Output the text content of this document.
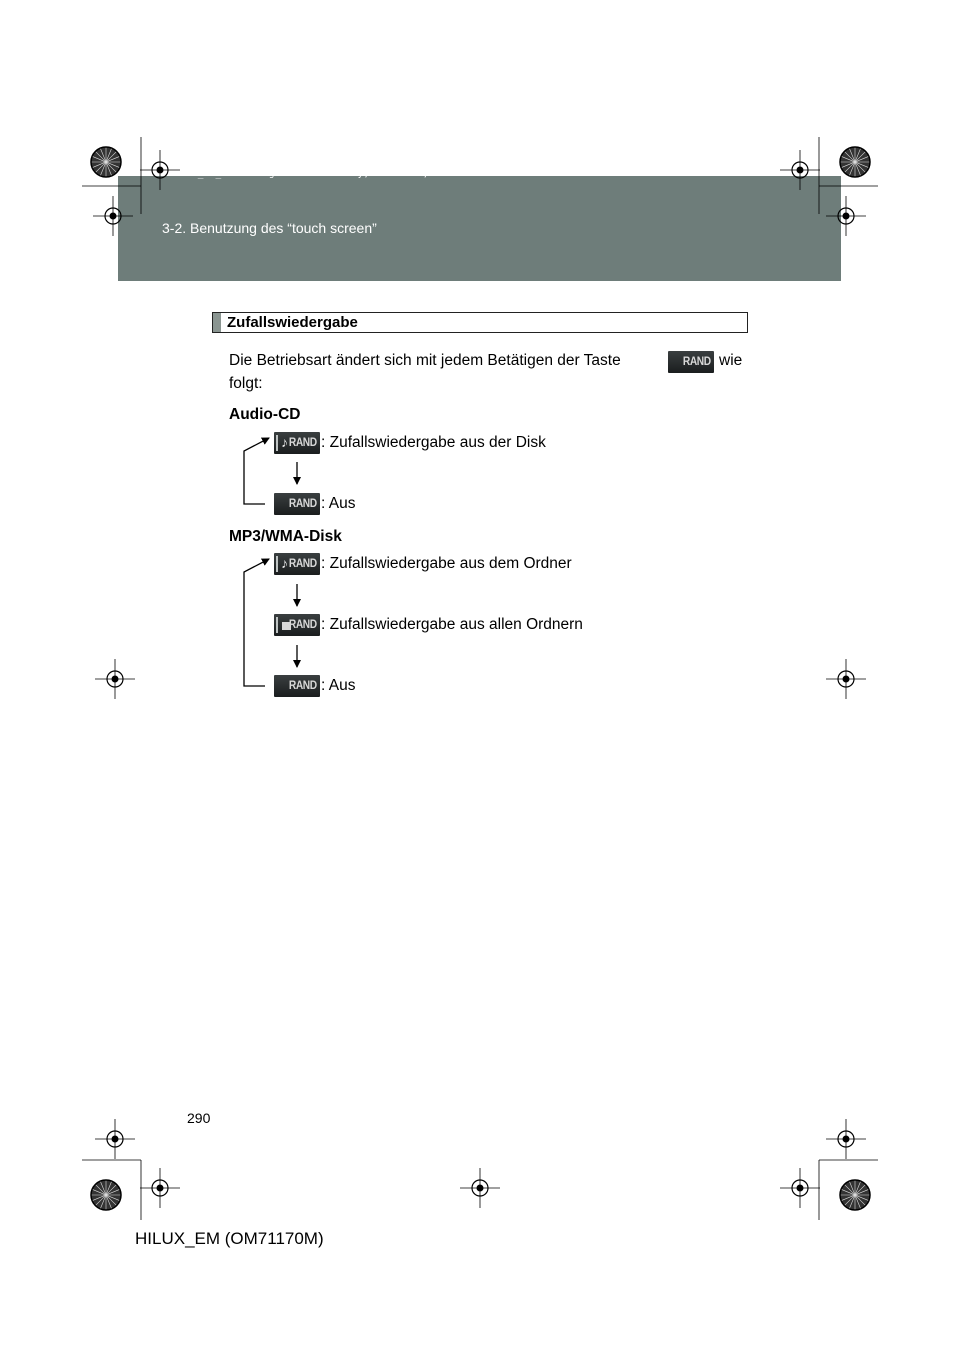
sec_03_02.fm Page 290 Wednesday, March 30, 2011 6:43 PM
3-2. Benutzung des “touch screen”
Zufallswiedergabe
Die Betriebsart ändert sich mit jedem Betätigen der Taste	RAND wie
folgt:
Audio-CD
♪ RAND : Zufallswiedergabe aus der Disk
RAND : Aus
MP3/WMA-Disk
♪ RAND : Zufallswiedergabe aus dem Ordner
RAND : Zufallswiedergabe aus allen Ordnern
RAND : Aus
290
HILUX_EM (OM71170M)
